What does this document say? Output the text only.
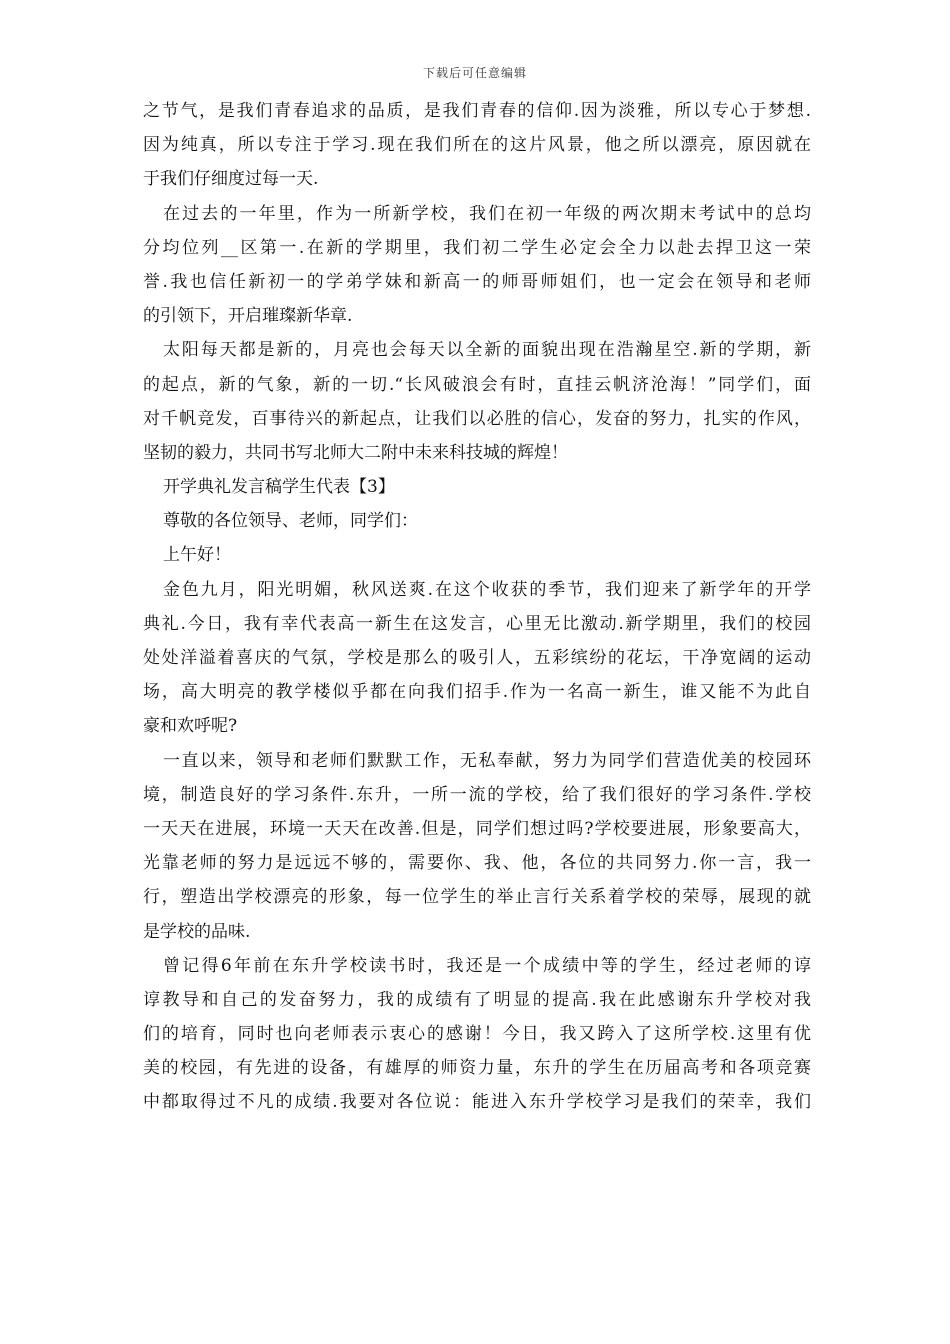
下载后可任意编辑
之节气，是我们青春追求的品质，是我们青春的信仰.因为淡雅，所以专心于梦想.
因为纯真，所以专注于学习.现在我们所在的这片风景，他之所以漂亮，原因就在
于我们仔细度过每一天.
在过去的一年里，作为一所新学校，我们在初一年级的两次期末考试中的总均
分均位列__区第一.在新的学期里，我们初二学生必定会全力以赴去捍卫这一荣
誉.我也信任新初一的学弟学妹和新高一的师哥师姐们，也一定会在领导和老师
的引领下，开启璀璨新华章.
太阳每天都是新的，月亮也会每天以全新的面貌出现在浩瀚星空.新的学期，新
的起点，新的气象，新的一切.“长风破浪会有时，直挂云帆济沧海！”同学们，面
对千帆竞发，百事待兴的新起点，让我们以必胜的信心，发奋的努力，扎实的作风，
坚韧的毅力，共同书写北师大二附中未来科技城的辉煌！
开学典礼发言稿学生代表【3】
尊敬的各位领导、老师，同学们：
上午好！
金色九月，阳光明媚，秋风送爽.在这个收获的季节，我们迎来了新学年的开学
典礼.今日，我有幸代表高一新生在这发言，心里无比激动.新学期里，我们的校园
处处洋溢着喜庆的气氛，学校是那么的吸引人，五彩缤纷的花坛，干净宽阔的运动
场，高大明亮的教学楼似乎都在向我们招手.作为一名高一新生，谁又能不为此自
豪和欢呼呢?
一直以来，领导和老师们默默工作，无私奉献，努力为同学们营造优美的校园环
境，制造良好的学习条件.东升，一所一流的学校，给了我们很好的学习条件.学校
一天天在进展，环境一天天在改善.但是，同学们想过吗?学校要进展，形象要高大，
光靠老师的努力是远远不够的，需要你、我、他，各位的共同努力.你一言，我一
行，塑造出学校漂亮的形象，每一位学生的举止言行关系着学校的荣辱，展现的就
是学校的品味.
曾记得6年前在东升学校读书时，我还是一个成绩中等的学生，经过老师的谆
谆教导和自己的发奋努力，我的成绩有了明显的提高.我在此感谢东升学校对我
们的培育，同时也向老师表示衷心的感谢！今日，我又跨入了这所学校.这里有优
美的校园，有先进的设备，有雄厚的师资力量，东升的学生在历届高考和各项竞赛
中都取得过不凡的成绩.我要对各位说：能进入东升学校学习是我们的荣幸，我们
